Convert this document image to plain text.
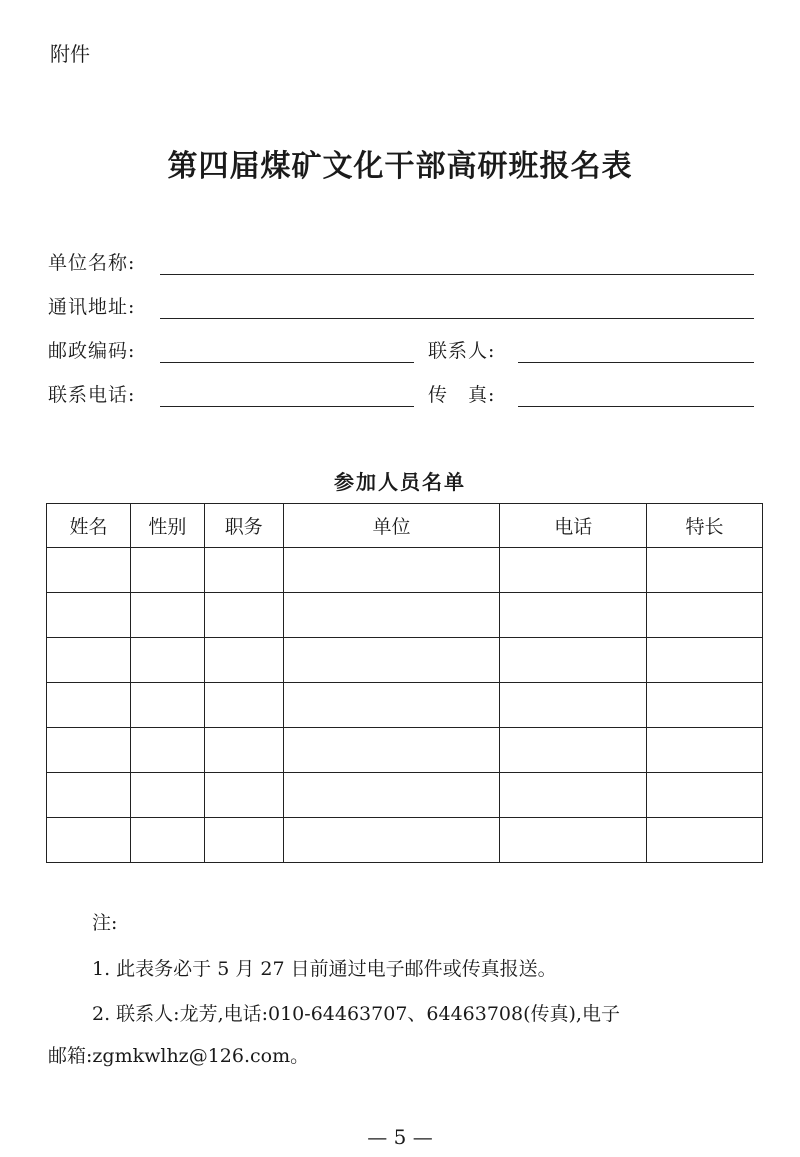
附件
第四届煤矿文化干部高研班报名表
单位名称:
通讯地址:
邮政编码:	联系人:
联系电话:	传　真:
参加人员名单
姓名	性别	职务	单位	电话	特长

注:
1. 此表务必于 5 月 27 日前通过电子邮件或传真报送。
2. 联系人:龙芳,电话:010-64463707、64463708(传真),电子
邮箱:zgmkwlhz@126.com。
— 5 —
